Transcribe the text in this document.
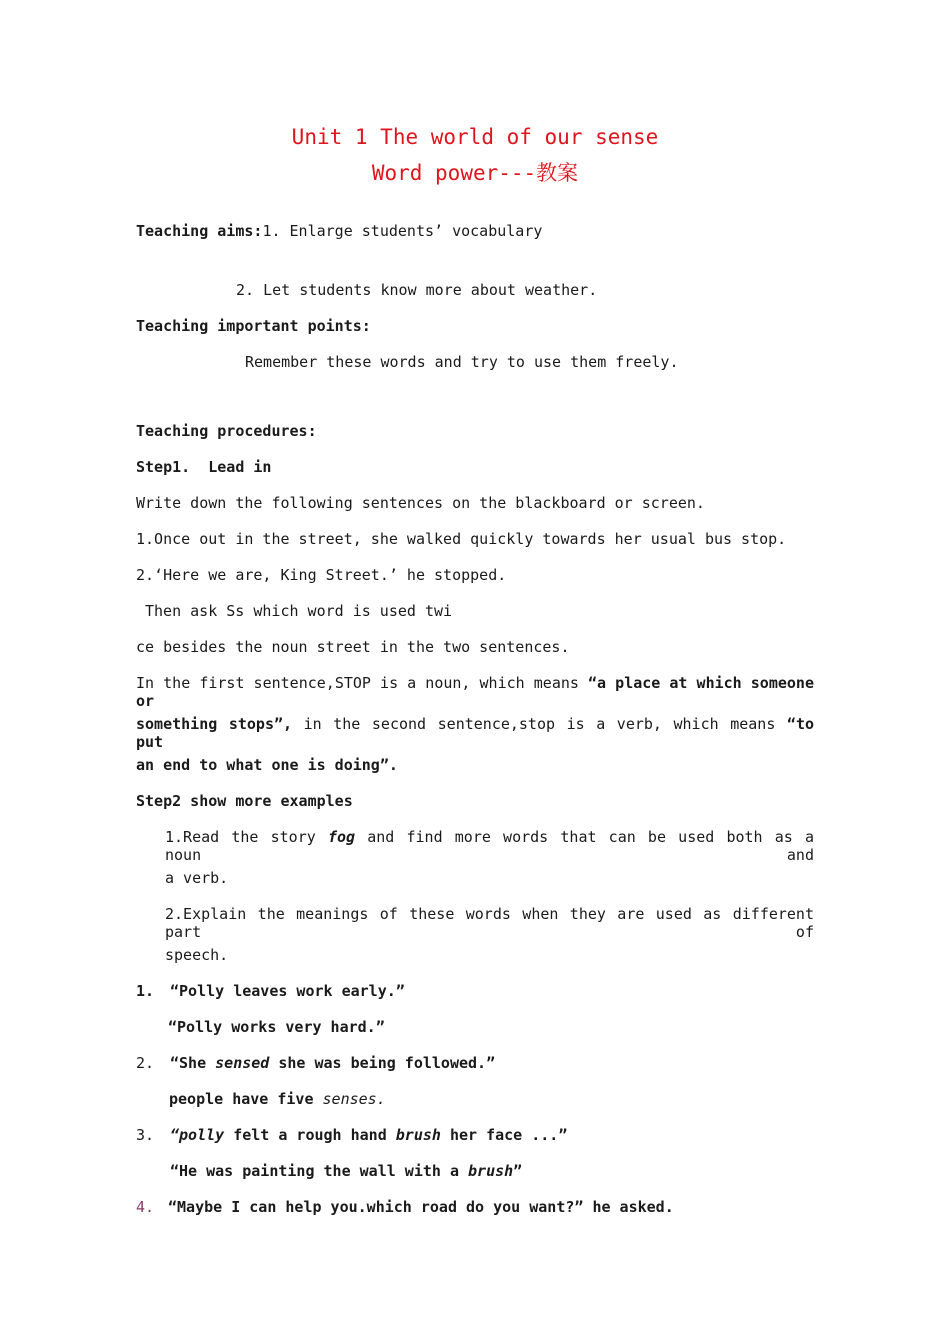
Unit 1 The world of our sense
Word power---教案
Teaching aims:1. Enlarge students’ vocabulary
2. Let students know more about weather.
Teaching important points:
Remember these words and try to use them freely.
Teaching procedures:
Step1.  Lead in
Write down the following sentences on the blackboard or screen.
1.Once out in the street, she walked quickly towards her usual bus stop.
2.‘Here we are, King Street.’ he stopped.
Then ask Ss which word is used twi
ce besides the noun street in the two sentences.
In the first sentence,STOP is a noun, which means “a place at which someone or
something stops”, in the second sentence,stop is a verb, which means “to put
an end to what one is doing”.
Step2 show more examples
1.Read the story fog and find more words that can be used both as a noun and
a verb.
2.Explain the meanings of these words when they are used as different part of
speech.
1. “Polly leaves work early.”
“Polly works very hard.”
2. “She sensed she was being followed.”
people have five senses.
3. “polly felt a rough hand brush her face ...”
“He was painting the wall with a brush”
4. “Maybe I can help you.which road do you want?” he asked.
